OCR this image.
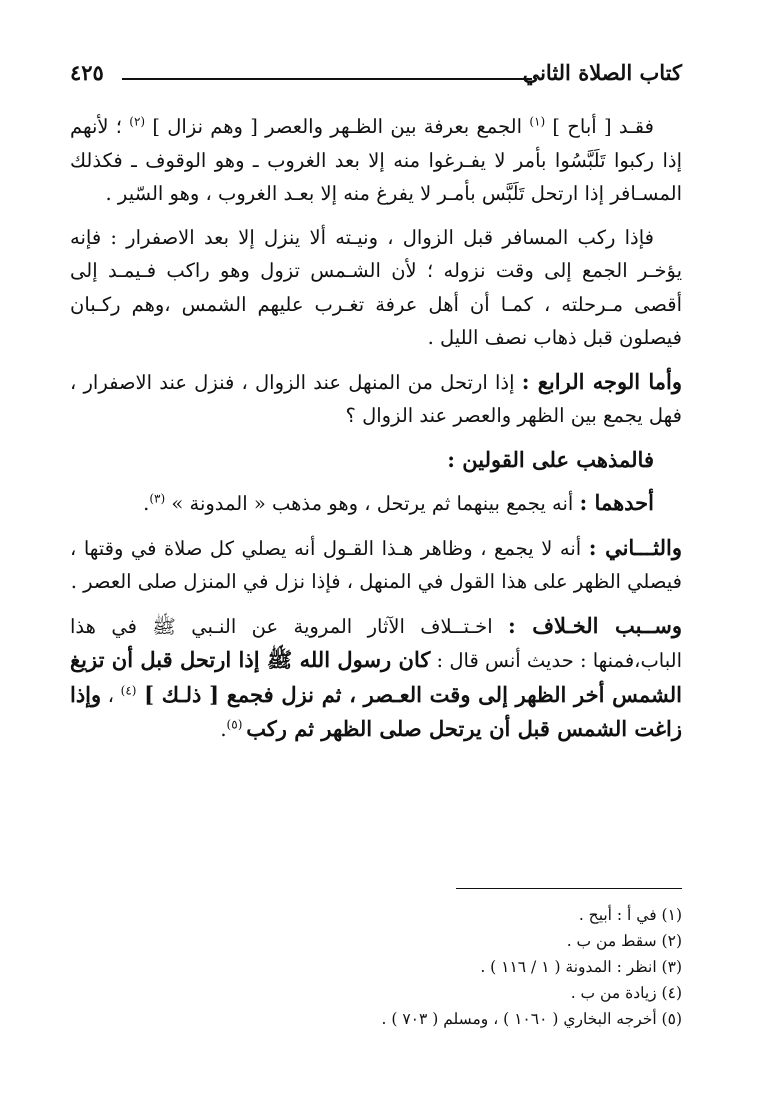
كتاب الصلاة الثاني
٤٢٥

فقـد [ أباح ] $^{(١)}$ الجمع بعرفة بين الظـهر والعصر [ وهم نزال ] $^{(٢)}$ ؛ لأنهم إذا ركبوا تَلَبَّسُوا بأمر لا يفـرغوا منه إلا بعد الغروب ـ وهو الوقوف ـ فكذلك المسـافر إذا ارتحل تَلَبَّس بأمـر لا يفرغ منه إلا بعـد الغروب ، وهو السّير .

فإذا ركب المسافر قبل الزوال ، ونيـته ألا ينزل إلا بعد الاصفرار : فإنه يؤخـر الجمع إلى وقت نزوله ؛ لأن الشـمس تزول وهو راكب فـيمـد إلى أقصى مـرحلته ، كمـا أن أهل عرفة تغـرب عليهم الشمس ،وهم ركـبان فيصلون قبل ذهاب نصف الليل .

وأما الوجه الرابع : إذا ارتحل من المنهل عند الزوال ، فنزل عند الاصفرار ، فهل يجمع بين الظهر والعصر عند الزوال ؟

فالمذهب على القولين :

أحدهما : أنه يجمع بينهما ثم يرتحل ، وهو مذهب « المدونة » $^{(٣)}$.

والثـــاني : أنه لا يجمع ، وظاهر هـذا القـول أنه يصلي كل صلاة في وقتها ، فيصلي الظهر على هذا القول في المنهل ، فإذا نزل في المنزل صلى العصر .

وســبب الخـلاف : اخـتــلاف الآثار المروية عن النـبي ﷺ في هذا الباب،فمنها : حديث أنس قال : كان رسول الله ﷺ إذا ارتحل قبل أن تزيغ الشمس أخر الظهر إلى وقت العـصر ، ثم نزل فجمع [ ذلـك ] $^{(٤)}$ ، وإذا زاغت الشمس قبل أن يرتحل صلى الظهر ثم ركب $^{(٥)}$.

(١) في أ : أبيح .

(٢) سقط من ب .

(٣) انظر : المدونة ( ١ / ١١٦ ) .

(٤) زيادة من ب .

(٥) أخرجه البخاري ( ١٠٦٠ ) ، ومسلم ( ٧٠٣ ) .
